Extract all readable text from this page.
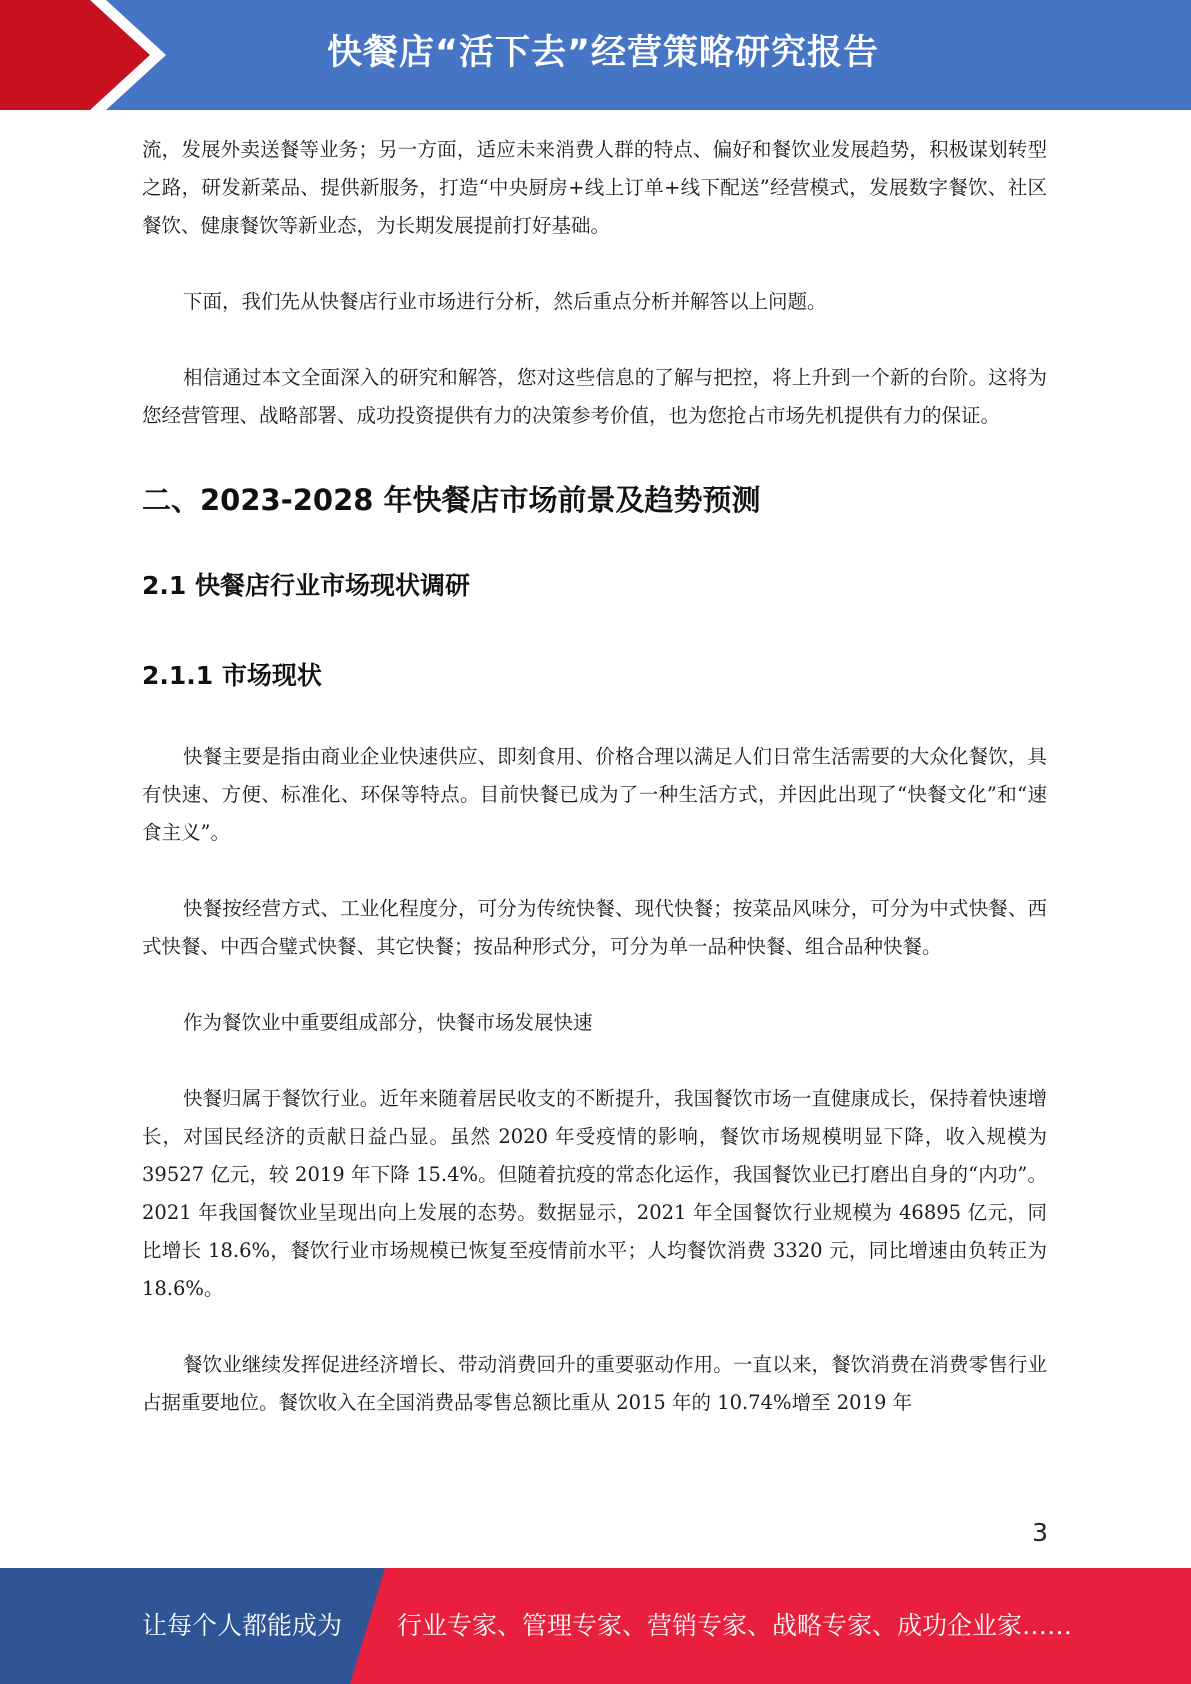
快餐店“活下去”经营策略研究报告

流，发展外卖送餐等业务；另一方面，适应未来消费人群的特点、偏好和餐饮业发展趋势，积极谋划转型之路，研发新菜品、提供新服务，打造“中央厨房+线上订单+线下配送”经营模式，发展数字餐饮、社区餐饮、健康餐饮等新业态，为长期发展提前打好基础。

下面，我们先从快餐店行业市场进行分析，然后重点分析并解答以上问题。

相信通过本文全面深入的研究和解答，您对这些信息的了解与把控，将上升到一个新的台阶。这将为您经营管理、战略部署、成功投资提供有力的决策参考价值，也为您抢占市场先机提供有力的保证。

二、2023-2028 年快餐店市场前景及趋势预测
2.1 快餐店行业市场现状调研
2.1.1 市场现状

快餐主要是指由商业企业快速供应、即刻食用、价格合理以满足人们日常生活需要的大众化餐饮，具有快速、方便、标准化、环保等特点。目前快餐已成为了一种生活方式，并因此出现了“快餐文化”和“速食主义”。

快餐按经营方式、工业化程度分，可分为传统快餐、现代快餐；按菜品风味分，可分为中式快餐、西式快餐、中西合璧式快餐、其它快餐；按品种形式分，可分为单一品种快餐、组合品种快餐。

作为餐饮业中重要组成部分，快餐市场发展快速

快餐归属于餐饮行业。近年来随着居民收支的不断提升，我国餐饮市场一直健康成长，保持着快速增长，对国民经济的贡献日益凸显。虽然 2020 年受疫情的影响，餐饮市场规模明显下降，收入规模为 39527 亿元，较 2019 年下降 15.4%。但随着抗疫的常态化运作，我国餐饮业已打磨出自身的“内功”。2021 年我国餐饮业呈现出向上发展的态势。数据显示，2021 年全国餐饮行业规模为 46895 亿元，同比增长 18.6%，餐饮行业市场规模已恢复至疫情前水平；人均餐饮消费 3320 元，同比增速由负转正为 18.6%。

餐饮业继续发挥促进经济增长、带动消费回升的重要驱动作用。一直以来，餐饮消费在消费零售行业占据重要地位。餐饮收入在全国消费品零售总额比重从 2015 年的 10.74%增至 2019 年

3
让每个人都能成为 行业专家、管理专家、营销专家、战略专家、成功企业家……
